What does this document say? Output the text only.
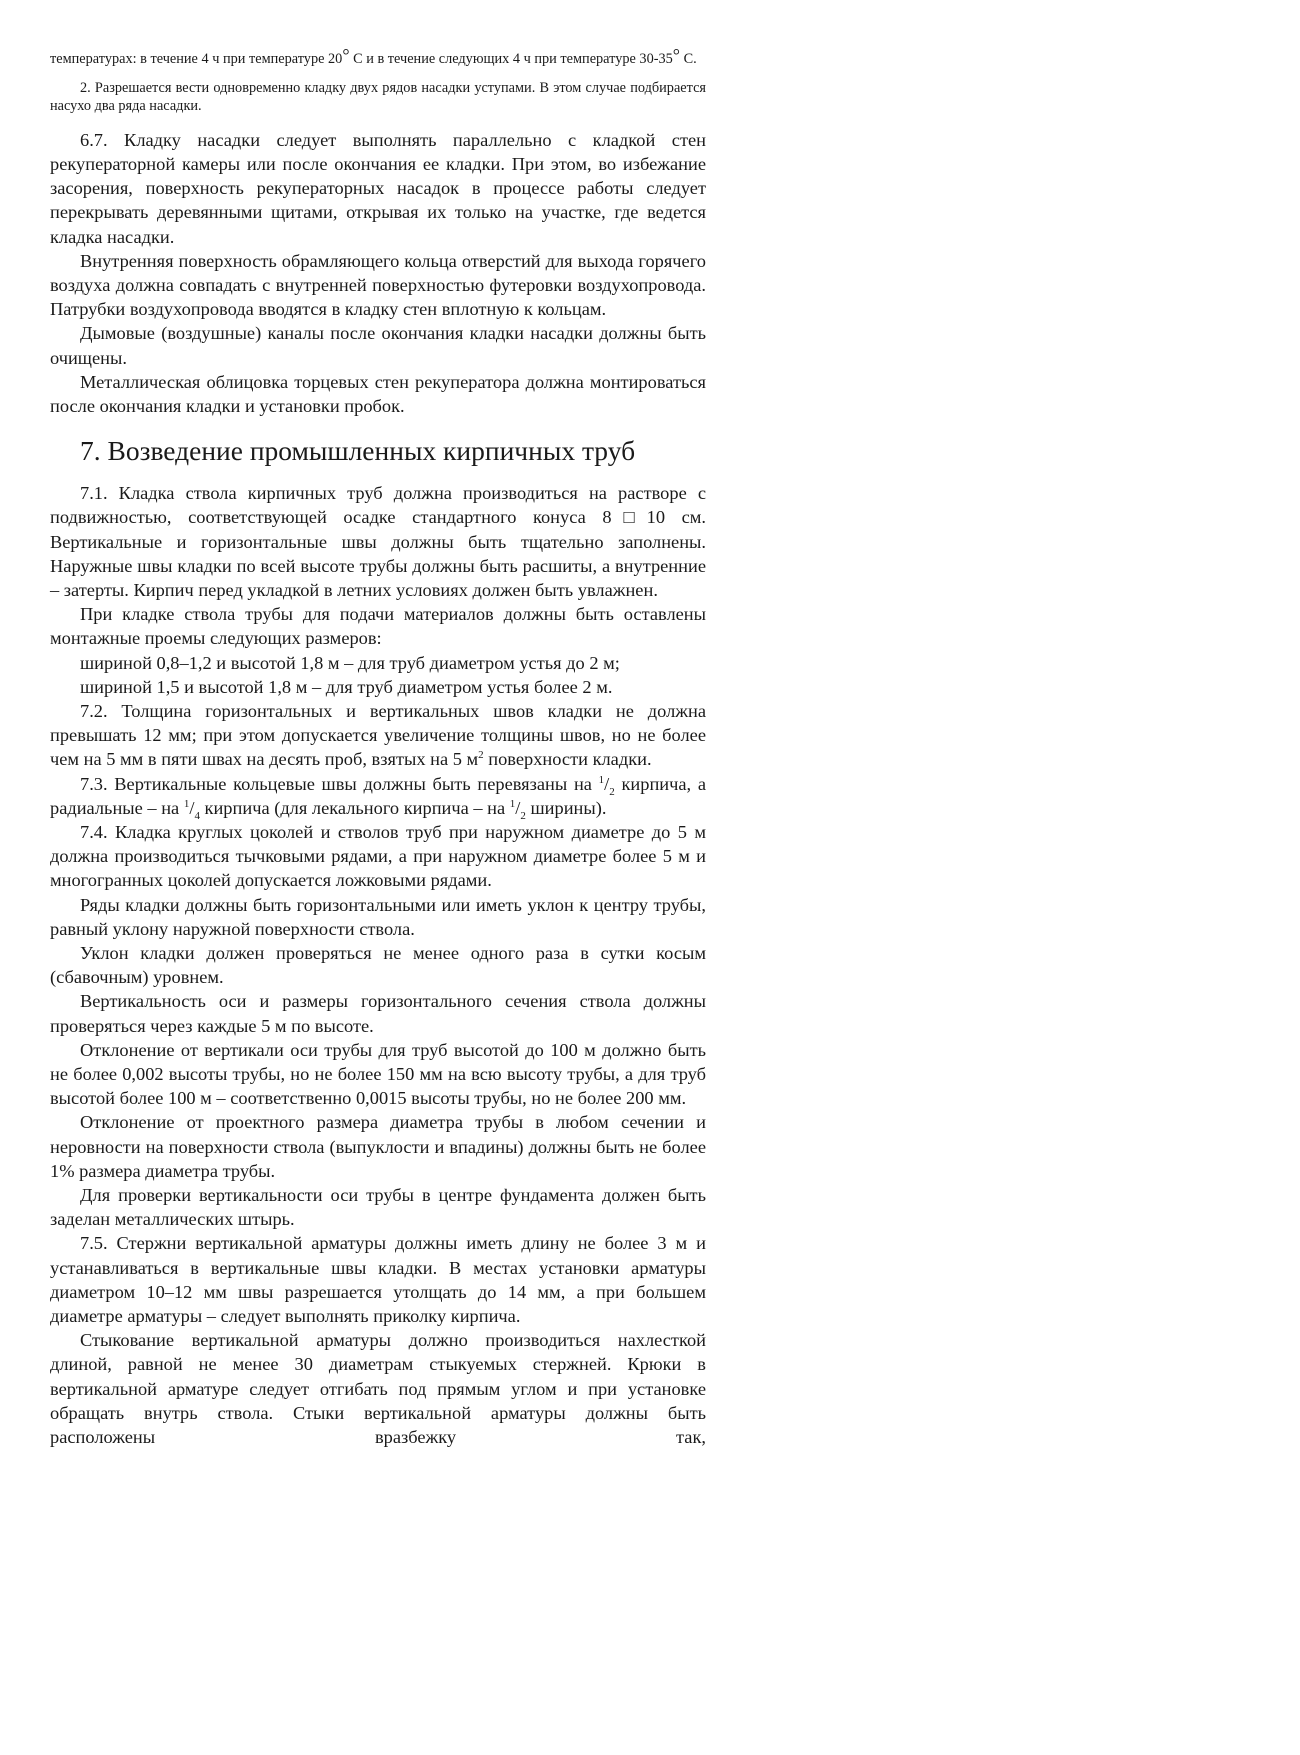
температурах: в течение 4 ч при температуре 20° С и в течение следующих 4 ч при температуре 30-35° С.

2. Разрешается вести одновременно кладку двух рядов насадки уступами. В этом случае подбирается насухо два ряда насадки.

6.7. Кладку насадки следует выполнять параллельно с кладкой стен рекуператорной камеры или после окончания ее кладки. При этом, во избежание засорения, поверхность рекуператорных насадок в процессе работы следует перекрывать деревянными щитами, открывая их только на участке, где ведется кладка насадки.

Внутренняя поверхность обрамляющего кольца отверстий для выхода горячего воздуха должна совпадать с внутренней поверхностью футеровки воздухопровода. Патрубки воздухопровода вводятся в кладку стен вплотную к кольцам.

Дымовые (воздушные) каналы после окончания кладки насадки должны быть очищены.

Металлическая облицовка торцевых стен рекуператора должна монтироваться после окончания кладки и установки пробок.

7. Возведение промышленных кирпичных труб

7.1. Кладка ствола кирпичных труб должна производиться на растворе с подвижностью, соответствующей осадке стандартного конуса 8□10 см. Вертикальные и горизонтальные швы должны быть тщательно заполнены. Наружные швы кладки по всей высоте трубы должны быть расшиты, а внутренние – затерты. Кирпич перед укладкой в летних условиях должен быть увлажнен.

При кладке ствола трубы для подачи материалов должны быть оставлены монтажные проемы следующих размеров:

шириной 0,8–1,2 и высотой 1,8 м – для труб диаметром устья до 2 м;

шириной 1,5 и высотой 1,8 м – для труб диаметром устья более 2 м.

7.2. Толщина горизонтальных и вертикальных швов кладки не должна превышать 12 мм; при этом допускается увеличение толщины швов, но не более чем на 5 мм в пяти швах на десять проб, взятых на 5 $м^2$ поверхности кладки.

7.3. Вертикальные кольцевые швы должны быть перевязаны на $^1/_2$ кирпича, а радиальные – на $^1/_4$ кирпича (для лекального кирпича – на $^1/_2$ ширины).

7.4. Кладка круглых цоколей и стволов труб при наружном диаметре до 5 м должна производиться тычковыми рядами, а при наружном диаметре более 5 м и многогранных цоколей допускается ложковыми рядами.

Ряды кладки должны быть горизонтальными или иметь уклон к центру трубы, равный уклону наружной поверхности ствола.

Уклон кладки должен проверяться не менее одного раза в сутки косым (сбавочным) уровнем.

Вертикальность оси и размеры горизонтального сечения ствола должны проверяться через каждые 5 м по высоте.

Отклонение от вертикали оси трубы для труб высотой до 100 м должно быть не более 0,002 высоты трубы, но не более 150 мм на всю высоту трубы, а для труб высотой более 100 м – соответственно 0,0015 высоты трубы, но не более 200 мм.

Отклонение от проектного размера диаметра трубы в любом сечении и неровности на поверхности ствола (выпуклости и впадины) должны быть не более 1% размера диаметра трубы.

Для проверки вертикальности оси трубы в центре фундамента должен быть заделан металлических штырь.

7.5. Стержни вертикальной арматуры должны иметь длину не более 3 м и устанавливаться в вертикальные швы кладки. В местах установки арматуры диаметром 10–12 мм швы разрешается утолщать до 14 мм, а при большем диаметре арматуры – следует выполнять приколку кирпича.

Стыкование вертикальной арматуры должно производиться нахлесткой длиной, равной не менее 30 диаметрам стыкуемых стержней. Крюки в вертикальной арматуре следует отгибать под прямым углом и при установке обращать внутрь ствола. Стыки вертикальной арматуры должны быть расположены вразбежку так,
